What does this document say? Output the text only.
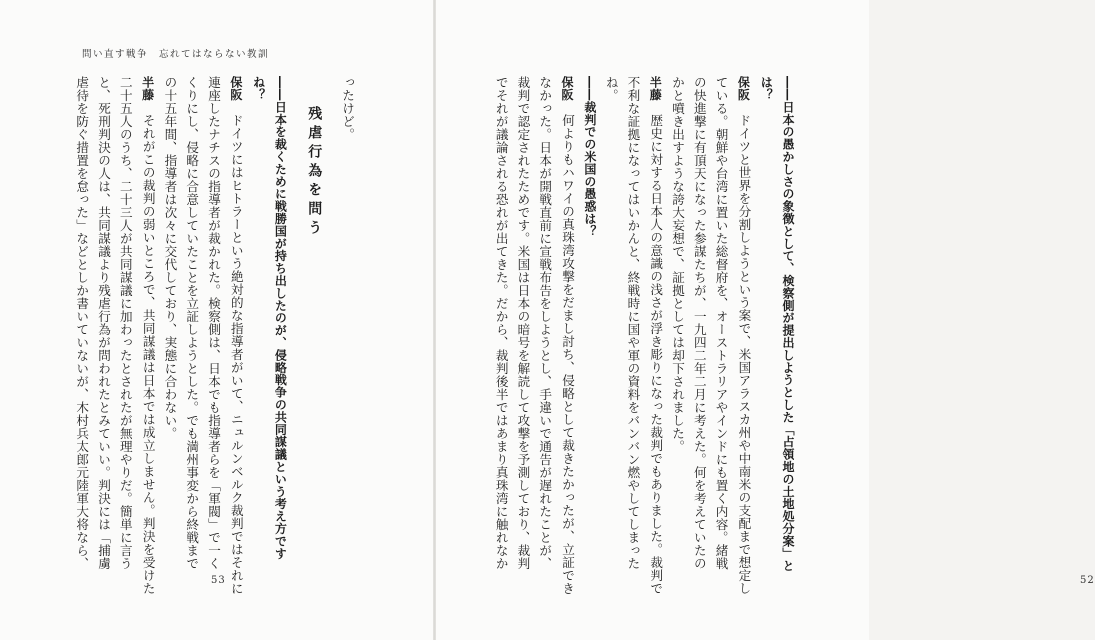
問い直す戦争　忘れてはならない教訓

ったけど。

残虐行為を問う

――日本を裁くために戦勝国が持ち出したのが、侵略戦争の共同謀議という考え方です

ね？

保阪　ドイツにはヒトラーという絶対的な指導者がいて、ニュルンベルク裁判ではそれに

連座したナチスの指導者が裁かれた。検察側は、日本でも指導者らを「軍閥」で一く

くりにし、侵略に合意していたことを立証しようとした。でも満州事変から終戦まで

の十五年間、指導者は次々に交代しており、実態に合わない。

半藤　それがこの裁判の弱いところで、共同謀議は日本では成立しません。判決を受けた

二十五人のうち、二十三人が共同謀議に加わったとされたが無理やりだ。簡単に言う

と、死刑判決の人は、共同謀議より残虐行為が問われたとみていい。判決には「捕虜

虐待を防ぐ措置を怠った」などとしか書いていないが、木村兵太郎元陸軍大将なら、

53

――日本の愚かしさの象徴として、検察側が提出しようとした「占領地の土地処分案」と

は？

保阪　ドイツと世界を分割しようという案で、米国アラスカ州や中南米の支配まで想定し

ている。朝鮮や台湾に置いた総督府を、オーストラリアやインドにも置く内容。緒戦

の快進撃に有頂天になった参謀たちが、一九四二年二月に考えた。何を考えていたの

かと噴き出すような誇大妄想で、証拠としては却下されました。

半藤　歴史に対する日本人の意識の浅さが浮き彫りになった裁判でもありました。裁判で

不利な証拠になってはいかんと、終戦時に国や軍の資料をバンバン燃やしてしまった

ね。

――裁判での米国の愚惑は？

保阪　何よりもハワイの真珠湾攻撃をだまし討ち、侵略として裁きたかったが、立証でき

なかった。日本が開戦直前に宣戦布告をしようとし、手違いで通告が遅れたことが、

裁判で認定されたためです。米国は日本の暗号を解読して攻撃を予測しており、裁判

でそれが議論される恐れが出てきた。だから、裁判後半ではあまり真珠湾に触れなか

52
